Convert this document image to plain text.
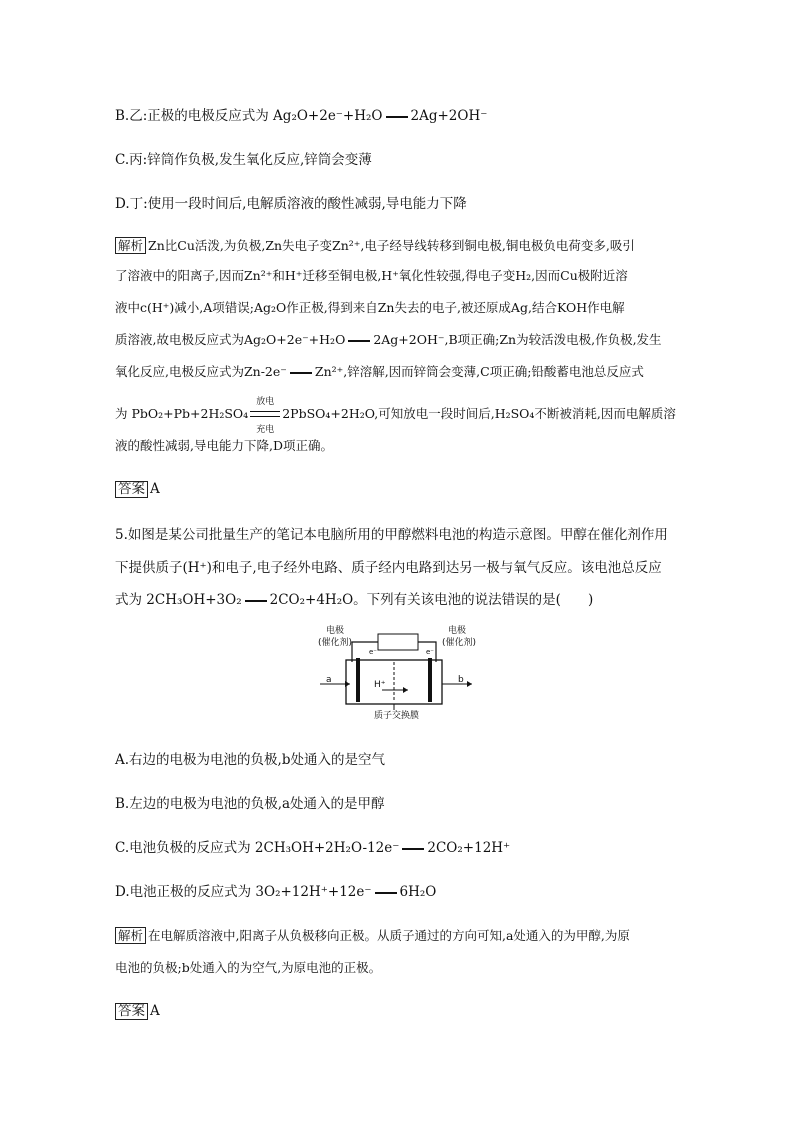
B.乙:正极的电极反应式为 Ag₂O+2e⁻+H₂O 2Ag+2OH⁻
C.丙:锌筒作负极,发生氧化反应,锌筒会变薄
D.丁:使用一段时间后,电解质溶液的酸性减弱,导电能力下降
解析 Zn比Cu活泼,为负极,Zn失电子变Zn²⁺,电子经导线转移到铜电极,铜电极负电荷变多,吸引
了溶液中的阳离子,因而Zn²⁺和H⁺迁移至铜电极,H⁺氧化性较强,得电子变H₂,因而Cu极附近溶
液中c(H⁺)减小,A项错误;Ag₂O作正极,得到来自Zn失去的电子,被还原成Ag,结合KOH作电解
质溶液,故电极反应式为Ag₂O+2e⁻+H₂O 2Ag+2OH⁻,B项正确;Zn为较活泼电极,作负极,发生
氧化反应,电极反应式为Zn-2e⁻ Zn²⁺,锌溶解,因而锌筒会变薄,C项正确;铅酸蓄电池总反应式
为 PbO₂+Pb+2H₂SO₄
放电
充电
2PbSO₄+2H₂O,可知放电一段时间后,H₂SO₄不断被消耗,因而电解质溶
液的酸性减弱,导电能力下降,D项正确。
答案 A
5.如图是某公司批量生产的笔记本电脑所用的甲醇燃料电池的构造示意图。甲醇在催化剂作用
下提供质子(H⁺)和电子,电子经外电路、质子经内电路到达另一极与氧气反应。该电池总反应
式为 2CH₃OH+3O₂ 2CO₂+4H₂O。下列有关该电池的说法错误的是(　　)
电极
(催化剂)
电极
(催化剂)
e⁻	e⁻
a	b
H⁺
质子交换膜
A.右边的电极为电池的负极,b处通入的是空气
B.左边的电极为电池的负极,a处通入的是甲醇
C.电池负极的反应式为 2CH₃OH+2H₂O-12e⁻ 2CO₂+12H⁺
D.电池正极的反应式为 3O₂+12H⁺+12e⁻ 6H₂O
解析 在电解质溶液中,阳离子从负极移向正极。从质子通过的方向可知,a处通入的为甲醇,为原
电池的负极;b处通入的为空气,为原电池的正极。
答案 A
